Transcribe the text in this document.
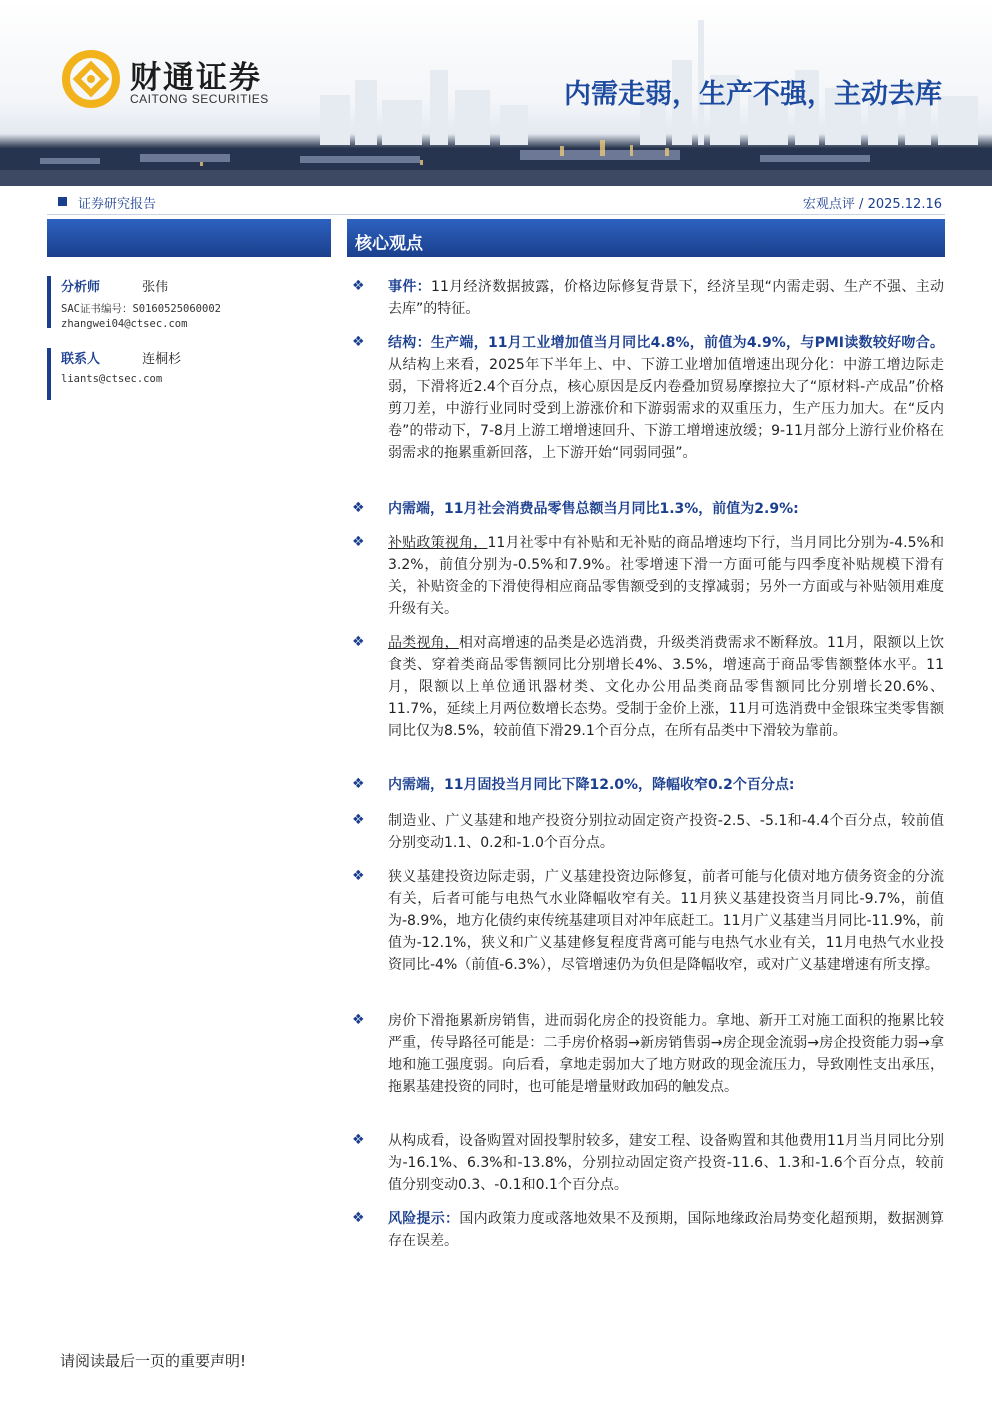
财通证券
CAITONG SECURITIES	内需走弱，生产不强，主动去库
证券研究报告	宏观点评 / 2025.12.16
核心观点
分析师	张伟
SAC证书编号：S0160525060002
zhangwei04@ctsec.com
联系人	连桐杉
liants@ctsec.com
❖ 事件：11月经济数据披露，价格边际修复背景下，经济呈现“内需走弱、生产不强、主动去库”的特征。
❖ 结构：生产端，11月工业增加值当月同比4.8%，前值为4.9%，与PMI读数较好吻合。从结构上来看，2025年下半年上、中、下游工业增加值增速出现分化：中游工增边际走弱，下滑将近2.4个百分点，核心原因是反内卷叠加贸易摩擦拉大了“原材料-产成品”价格剪刀差，中游行业同时受到上游涨价和下游弱需求的双重压力，生产压力加大。在“反内卷”的带动下，7-8月上游工增增速回升、下游工增增速放缓；9-11月部分上游行业价格在弱需求的拖累重新回落，上下游开始“同弱同强”。
❖ 内需端，11月社会消费品零售总额当月同比1.3%，前值为2.9%:
❖ 补贴政策视角，11月社零中有补贴和无补贴的商品增速均下行，当月同比分别为-4.5%和3.2%，前值分别为-0.5%和7.9%。社零增速下滑一方面可能与四季度补贴规模下滑有关，补贴资金的下滑使得相应商品零售额受到的支撑减弱；另外一方面或与补贴领用难度升级有关。
❖ 品类视角，相对高增速的品类是必选消费，升级类消费需求不断释放。11月，限额以上饮食类、穿着类商品零售额同比分别增长4%、3.5%，增速高于商品零售额整体水平。11月，限额以上单位通讯器材类、文化办公用品类商品零售额同比分别增长20.6%、11.7%，延续上月两位数增长态势。受制于金价上涨，11月可选消费中金银珠宝类零售额同比仅为8.5%，较前值下滑29.1个百分点，在所有品类中下滑较为靠前。
❖ 内需端，11月固投当月同比下降12.0%，降幅收窄0.2个百分点:
❖ 制造业、广义基建和地产投资分别拉动固定资产投资-2.5、-5.1和-4.4个百分点，较前值分别变动1.1、0.2和-1.0个百分点。
❖ 狭义基建投资边际走弱，广义基建投资边际修复，前者可能与化债对地方债务资金的分流有关，后者可能与电热气水业降幅收窄有关。11月狭义基建投资当月同比-9.7%，前值为-8.9%，地方化债约束传统基建项目对冲年底赶工。11月广义基建当月同比-11.9%，前值为-12.1%，狭义和广义基建修复程度背离可能与电热气水业有关，11月电热气水业投资同比-4%（前值-6.3%），尽管增速仍为负但是降幅收窄，或对广义基建增速有所支撑。
❖ 房价下滑拖累新房销售，进而弱化房企的投资能力。拿地、新开工对施工面积的拖累比较严重，传导路径可能是：二手房价格弱→新房销售弱→房企现金流弱→房企投资能力弱→拿地和施工强度弱。向后看，拿地走弱加大了地方财政的现金流压力，导致刚性支出承压，拖累基建投资的同时，也可能是增量财政加码的触发点。
❖ 从构成看，设备购置对固投掣肘较多，建安工程、设备购置和其他费用11月当月同比分别为-16.1%、6.3%和-13.8%，分别拉动固定资产投资-11.6、1.3和-1.6个百分点，较前值分别变动0.3、-0.1和0.1个百分点。
❖ 风险提示：国内政策力度或落地效果不及预期，国际地缘政治局势变化超预期，数据测算存在误差。
请阅读最后一页的重要声明!
